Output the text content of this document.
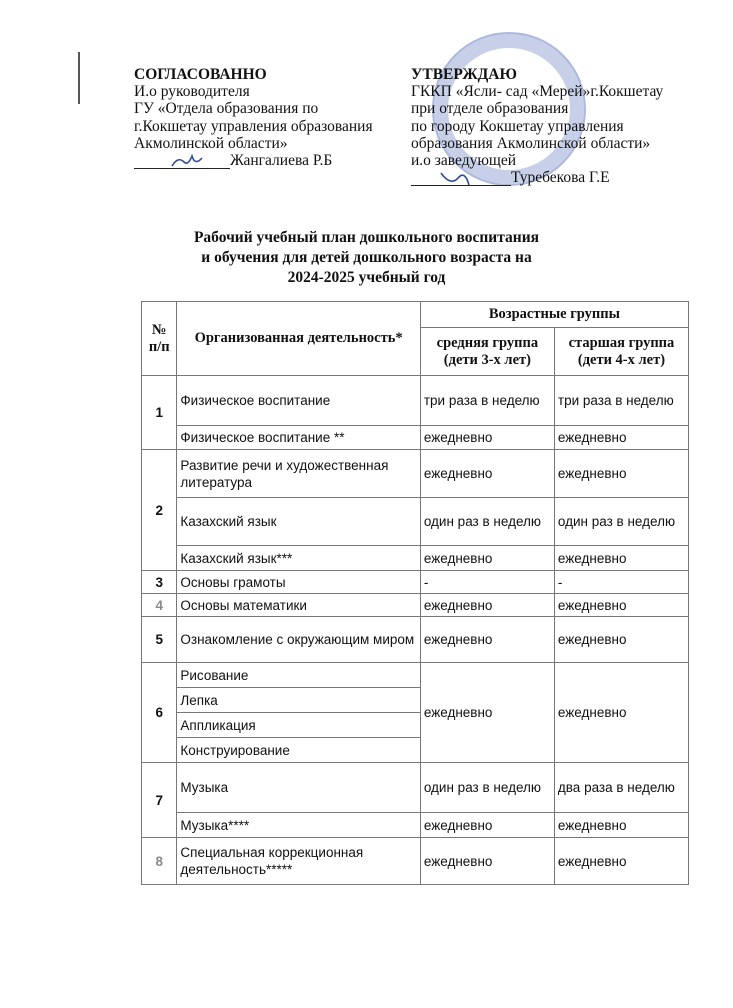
СОГЛАСОВАННО
И.о руководителя
ГУ «Отдела образования по
г.Кокшетау управления образования
Акмолинской области»
Жангалиева Р.Б
УТВЕРЖДАЮ
ГККП «Ясли- сад «Мерей»г.Кокшетау
при отделе образования
по городу Кокшетау управления
образования Акмолинской области»
и.о заведующей
Туребекова Г.Е
Рабочий учебный план дошкольного воспитания
и обучения для детей дошкольного возраста на
2024-2025 учебный год
№ п/п	Организованная деятельность*	Возрастные группы	
		средняя группа (дети 3-х лет)	старшая группа (дети 4-х лет)
1	Физическое воспитание	три раза в неделю	три раза в неделю
	Физическое воспитание **	ежедневно	ежедневно
2	Развитие речи и художественная литература	ежедневно	ежедневно
	Казахский язык	один раз в неделю	один раз в неделю
	Казахский язык***	ежедневно	ежедневно
3	Основы грамоты	-	-
4	Основы математики	ежедневно	ежедневно
5	Ознакомление с окружающим миром	ежедневно	ежедневно
6	Рисование	ежедневно	ежедневно
	Лепка		
	Аппликация		
	Конструирование		
7	Музыка	один раз в неделю	два раза в неделю
	Музыка****	ежедневно	ежедневно
8	Специальная коррекционная деятельность*****	ежедневно	ежедневно
